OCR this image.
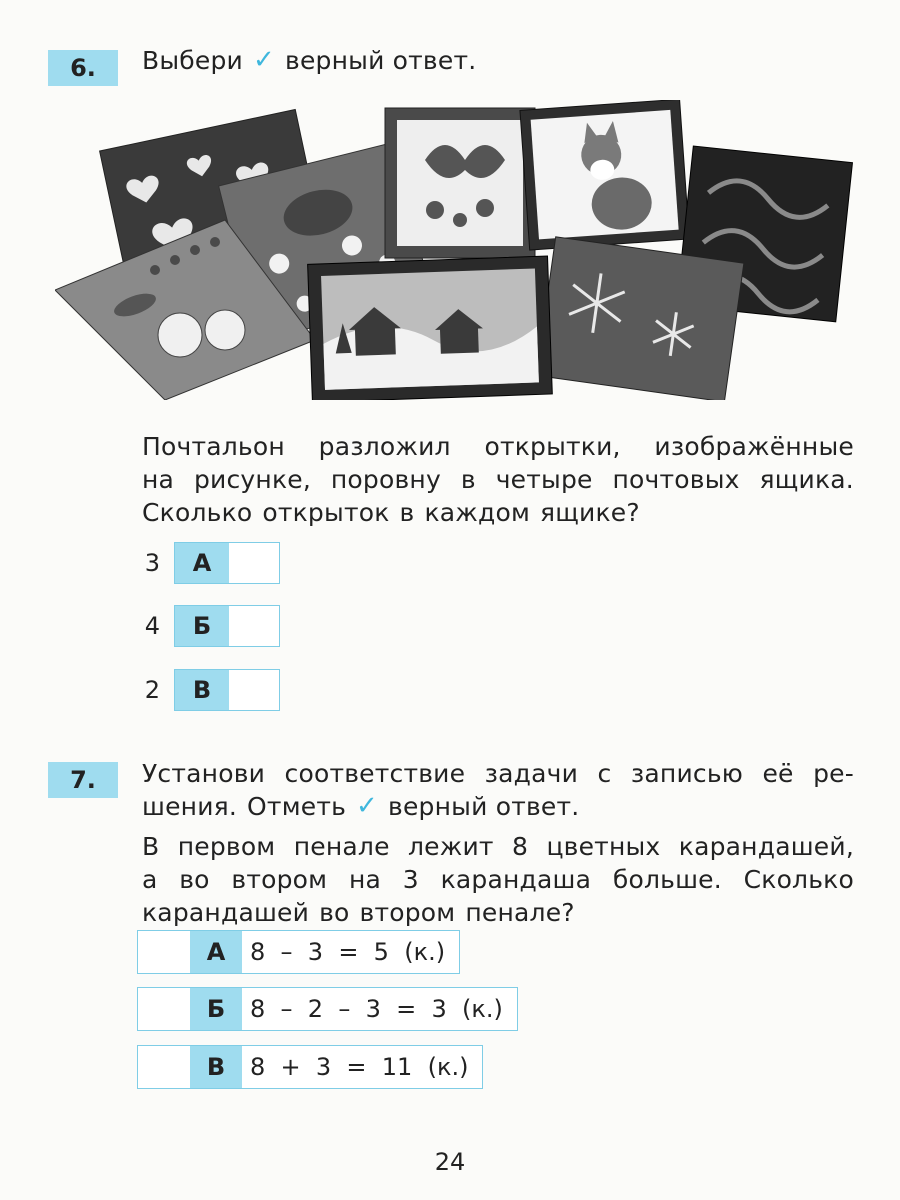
6.	Выбери ✓ верный ответ.
Почтальон разложил открытки, изображённые
на рисунке, поровну в четыре почтовых ящика.
Сколько открыток в каждом ящике?
3	А
4	Б
2	В
7.	Установи соответствие задачи с записью её ре-
шения. Отметь ✓ верный ответ.
В первом пенале лежит 8 цветных карандашей,
а во втором на 3 карандаша больше. Сколько
карандашей во втором пенале?
А	8  –  3  =  5  (к.)
Б	8  –  2  –  3  =  3  (к.)
В	8  +  3  =  11  (к.)
24
